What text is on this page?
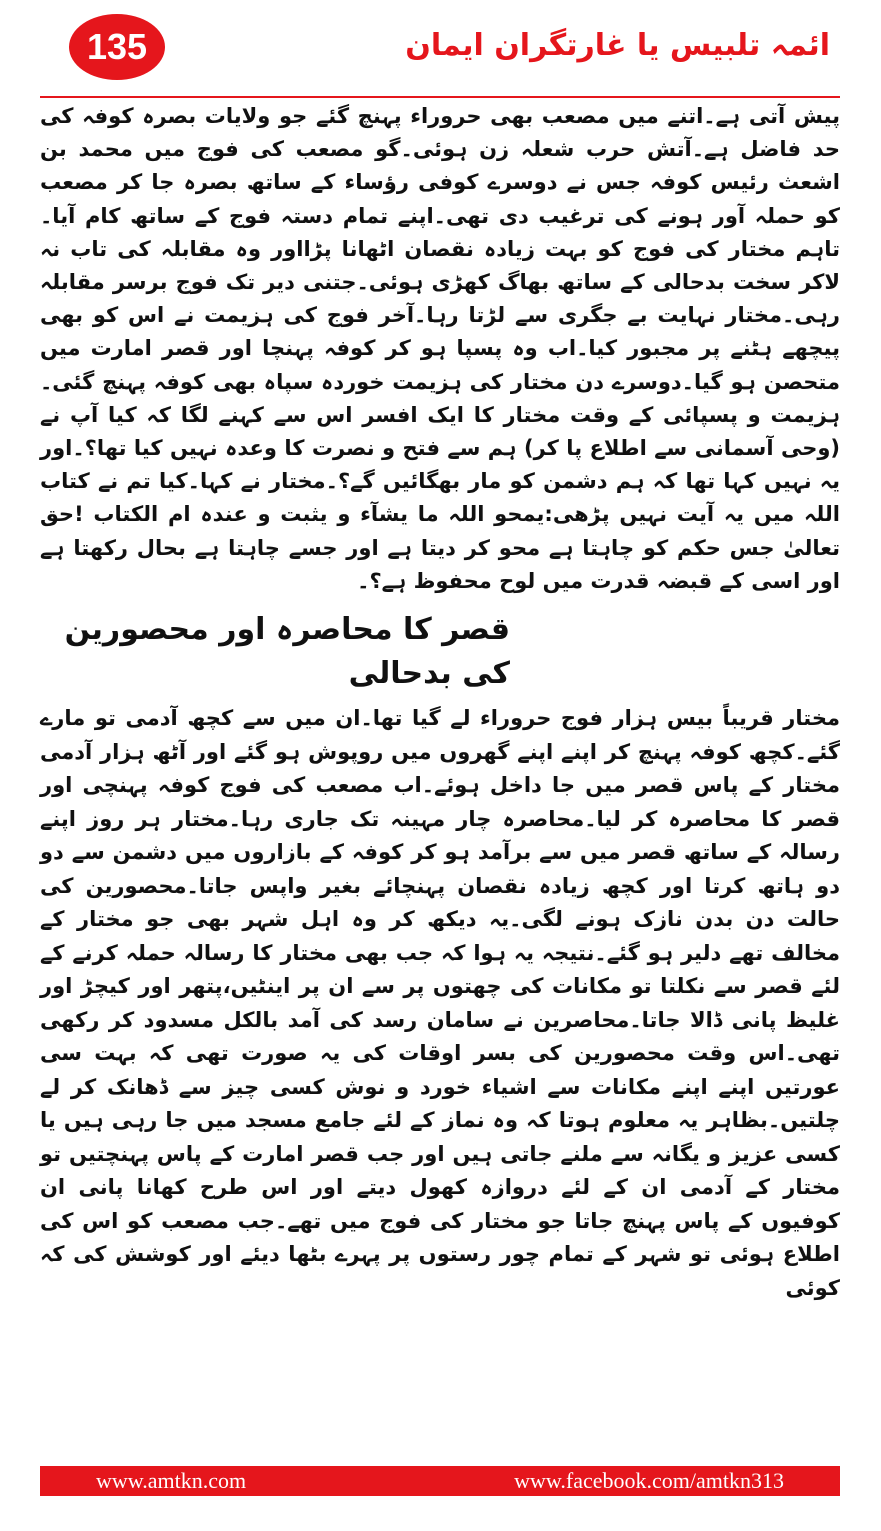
135	ائمہ تلبیس یا غارتگران ایمان

پیش آتی ہے۔اتنے میں مصعب بھی حروراء پہنچ گئے جو ولایات بصرہ کوفہ کی حد فاضل ہے۔آتش حرب شعلہ زن ہوئی۔گو مصعب کی فوج میں محمد بن اشعث رئیس کوفہ جس نے دوسرے کوفی رؤساء کے ساتھ بصرہ جا کر مصعب کو حملہ آور ہونے کی ترغیب دی تھی۔اپنے تمام دستہ فوج کے ساتھ کام آیا۔تاہم مختار کی فوج کو بہت زیادہ نقصان اٹھانا پڑااور وہ مقابلہ کی تاب نہ لاکر سخت بدحالی کے ساتھ بھاگ کھڑی ہوئی۔جتنی دیر تک فوج برسر مقابلہ رہی۔مختار نہایت بے جگری سے لڑتا رہا۔آخر فوج کی ہزیمت نے اس کو بھی پیچھے ہٹنے پر مجبور کیا۔اب وہ پسپا ہو کر کوفہ پہنچا اور قصر امارت میں متحصن ہو گیا۔دوسرے دن مختار کی ہزیمت خوردہ سپاہ بھی کوفہ پہنچ گئی۔ہزیمت و پسپائی کے وقت مختار کا ایک افسر اس سے کہنے لگا کہ کیا آپ نے (وحی آسمانی سے اطلاع پا کر) ہم سے فتح و نصرت کا وعدہ نہیں کیا تھا؟۔اور یہ نہیں کہا تھا کہ ہم دشمن کو مار بھگائیں گے؟۔مختار نے کہا۔کیا تم نے کتاب اللہ میں یہ آیت نہیں پڑھی:یمحو اللہ ما یشآء و یثبت و عندہ ام الکتاب !حق تعالیٰ جس حکم کو چاہتا ہے محو کر دیتا ہے اور جسے چاہتا ہے بحال رکھتا ہے اور اسی کے قبضہ قدرت میں لوح محفوظ ہے؟۔

قصر کا محاصرہ اور محصورین کی بدحالی

مختار قریباً بیس ہزار فوج حروراء لے گیا تھا۔ان میں سے کچھ آدمی تو مارے گئے۔کچھ کوفہ پہنچ کر اپنے اپنے گھروں میں روپوش ہو گئے اور آٹھ ہزار آدمی مختار کے پاس قصر میں جا داخل ہوئے۔اب مصعب کی فوج کوفہ پہنچی اور قصر کا محاصرہ کر لیا۔محاصرہ چار مہینہ تک جاری رہا۔مختار ہر روز اپنے رسالہ کے ساتھ قصر میں سے برآمد ہو کر کوفہ کے بازاروں میں دشمن سے دو دو ہاتھ کرتا اور کچھ زیادہ نقصان پہنچائے بغیر واپس جاتا۔محصورین کی حالت دن بدن نازک ہونے لگی۔یہ دیکھ کر وہ اہل شہر بھی جو مختار کے مخالف تھے دلیر ہو گئے۔نتیجہ یہ ہوا کہ جب بھی مختار کا رسالہ حملہ کرنے کے لئے قصر سے نکلتا تو مکانات کی چھتوں پر سے ان پر اینٹیں،پتھر اور کیچڑ اور غلیظ پانی ڈالا جاتا۔محاصرین نے سامان رسد کی آمد بالکل مسدود کر رکھی تھی۔اس وقت محصورین کی بسر اوقات کی یہ صورت تھی کہ بہت سی عورتیں اپنے اپنے مکانات سے اشیاء خورد و نوش کسی چیز سے ڈھانک کر لے چلتیں۔بظاہر یہ معلوم ہوتا کہ وہ نماز کے لئے جامع مسجد میں جا رہی ہیں یا کسی عزیز و یگانہ سے ملنے جاتی ہیں اور جب قصر امارت کے پاس پہنچتیں تو مختار کے آدمی ان کے لئے دروازہ کھول دیتے اور اس طرح کھانا پانی ان کوفیوں کے پاس پہنچ جاتا جو مختار کی فوج میں تھے۔جب مصعب کو اس کی اطلاع ہوئی تو شہر کے تمام چور رستوں پر پہرے بٹھا دیئے اور کوشش کی کہ کوئی

www.amtkn.com	www.facebook.com/amtkn313
